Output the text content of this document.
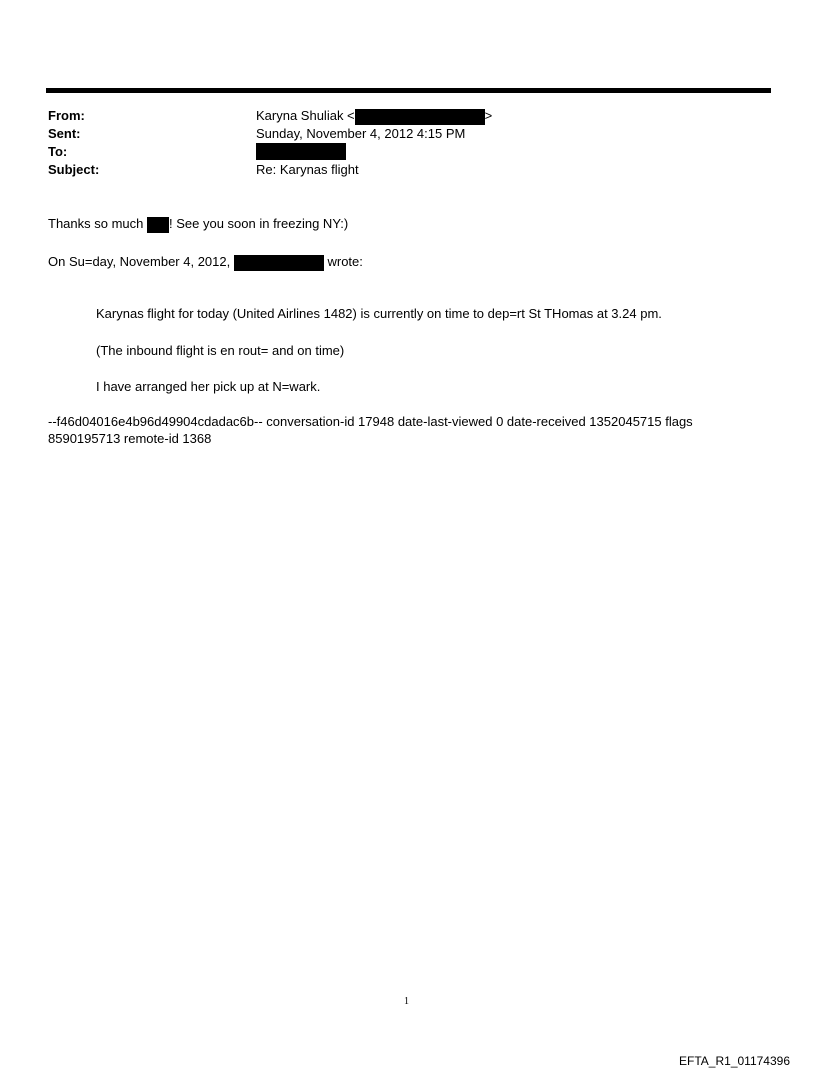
From:	Karyna Shuliak <	>
Sent:	Sunday, November 4, 2012 4:15 PM
To:
Subject:	Re: Karynas flight
Thanks so much ! See you soon in freezing NY:)
On Su=day, November 4, 2012,	wrote:
Karynas flight for today (United Airlines 1482) is currently on time to dep=rt St THomas at 3.24 pm.
(The inbound flight is en rout= and on time)
I have arranged her pick up at N=wark.
--f46d04016e4b96d49904cdadac6b-- conversation-id 17948 date-last-viewed 0 date-received 1352045715 flags 8590195713 remote-id 1368
1
EFTA_R1_01174396
